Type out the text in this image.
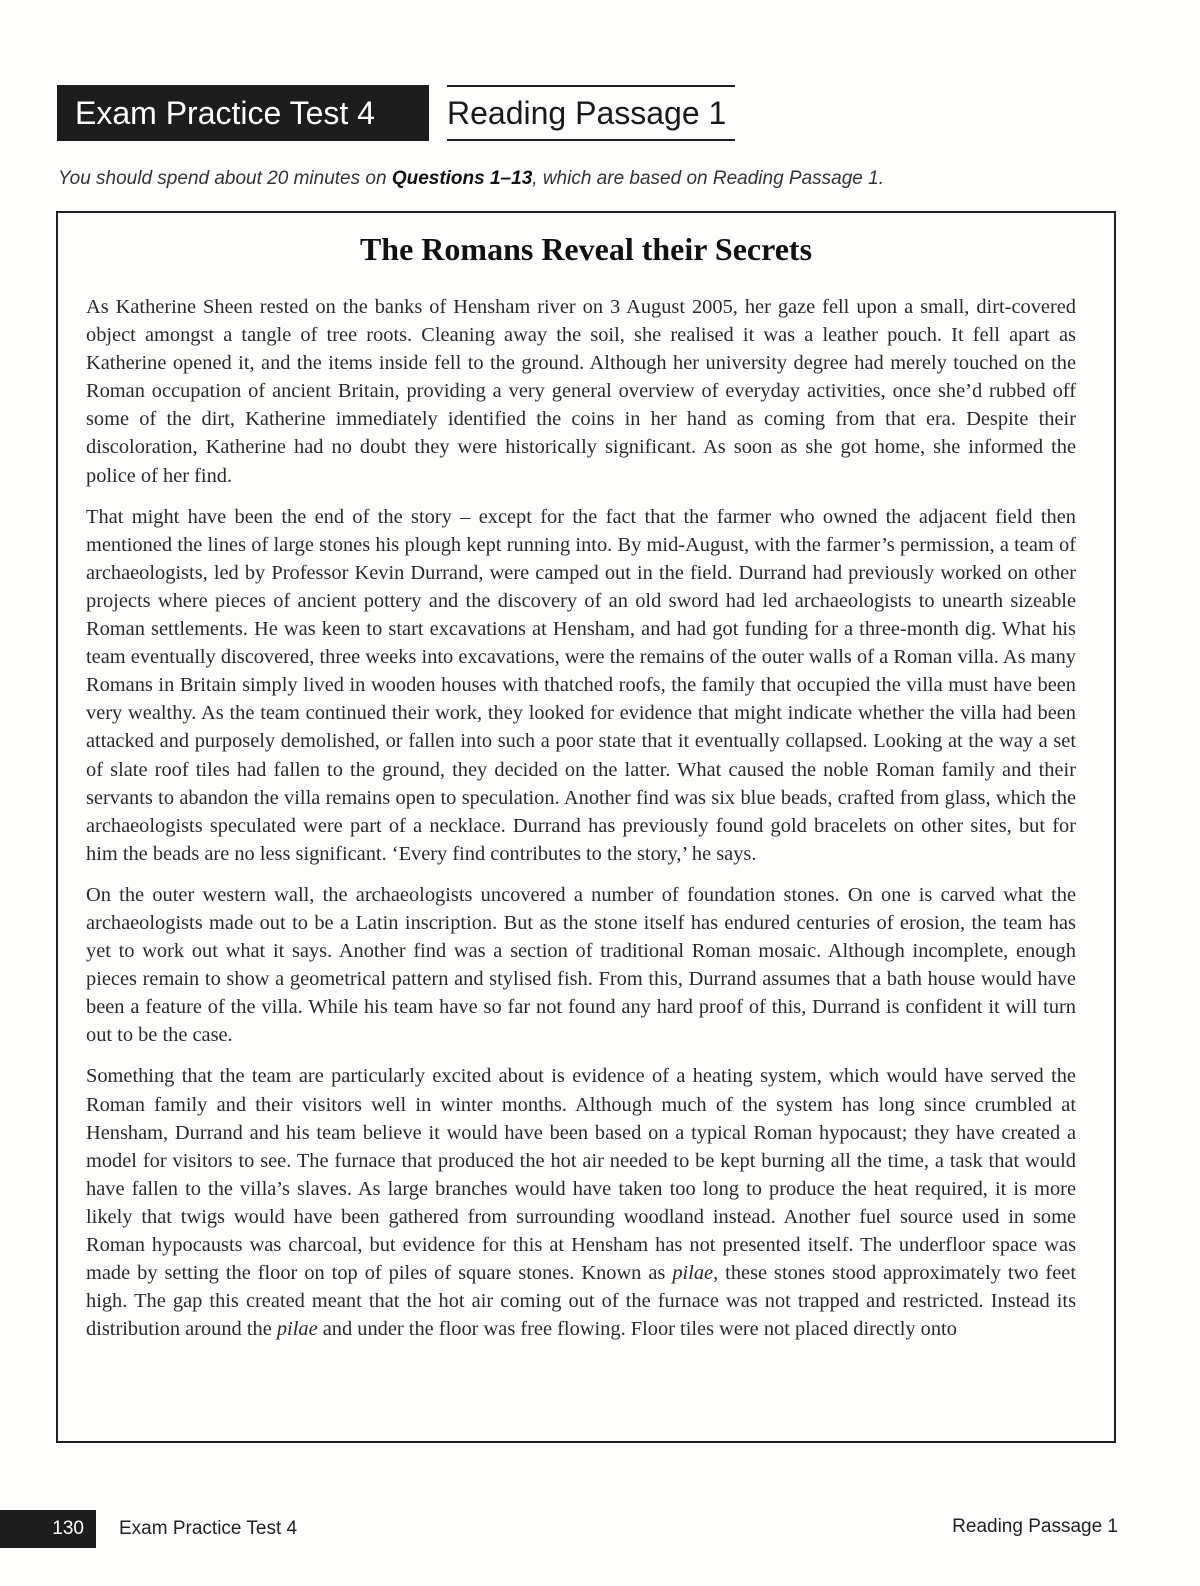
Exam Practice Test 4	Reading Passage 1
You should spend about 20 minutes on Questions 1–13, which are based on Reading Passage 1.
The Romans Reveal their Secrets

As Katherine Sheen rested on the banks of Hensham river on 3 August 2005, her gaze fell upon a small, dirt-covered object amongst a tangle of tree roots. Cleaning away the soil, she realised it was a leather pouch. It fell apart as Katherine opened it, and the items inside fell to the ground. Although her university degree had merely touched on the Roman occupation of ancient Britain, providing a very general overview of everyday activities, once she’d rubbed off some of the dirt, Katherine immediately identified the coins in her hand as coming from that era. Despite their discoloration, Katherine had no doubt they were historically significant. As soon as she got home, she informed the police of her find.

That might have been the end of the story – except for the fact that the farmer who owned the adjacent field then mentioned the lines of large stones his plough kept running into. By mid-August, with the farmer’s permission, a team of archaeologists, led by Professor Kevin Durrand, were camped out in the field. Durrand had previously worked on other projects where pieces of ancient pottery and the discovery of an old sword had led archaeologists to unearth sizeable Roman settlements. He was keen to start excavations at Hensham, and had got funding for a three-month dig. What his team eventually discovered, three weeks into excavations, were the remains of the outer walls of a Roman villa. As many Romans in Britain simply lived in wooden houses with thatched roofs, the family that occupied the villa must have been very wealthy. As the team continued their work, they looked for evidence that might indicate whether the villa had been attacked and purposely demolished, or fallen into such a poor state that it eventually collapsed. Looking at the way a set of slate roof tiles had fallen to the ground, they decided on the latter. What caused the noble Roman family and their servants to abandon the villa remains open to speculation. Another find was six blue beads, crafted from glass, which the archaeologists speculated were part of a necklace. Durrand has previously found gold bracelets on other sites, but for him the beads are no less significant. ‘Every find contributes to the story,’ he says.

On the outer western wall, the archaeologists uncovered a number of foundation stones. On one is carved what the archaeologists made out to be a Latin inscription. But as the stone itself has endured centuries of erosion, the team has yet to work out what it says. Another find was a section of traditional Roman mosaic. Although incomplete, enough pieces remain to show a geometrical pattern and stylised fish. From this, Durrand assumes that a bath house would have been a feature of the villa. While his team have so far not found any hard proof of this, Durrand is confident it will turn out to be the case.

Something that the team are particularly excited about is evidence of a heating system, which would have served the Roman family and their visitors well in winter months. Although much of the system has long since crumbled at Hensham, Durrand and his team believe it would have been based on a typical Roman hypocaust; they have created a model for visitors to see. The furnace that produced the hot air needed to be kept burning all the time, a task that would have fallen to the villa’s slaves. As large branches would have taken too long to produce the heat required, it is more likely that twigs would have been gathered from surrounding woodland instead. Another fuel source used in some Roman hypocausts was charcoal, but evidence for this at Hensham has not presented itself. The underfloor space was made by setting the floor on top of piles of square stones. Known as pilae, these stones stood approximately two feet high. The gap this created meant that the hot air coming out of the furnace was not trapped and restricted. Instead its distribution around the pilae and under the floor was free flowing. Floor tiles were not placed directly onto

130	Exam Practice Test 4	Reading Passage 1
